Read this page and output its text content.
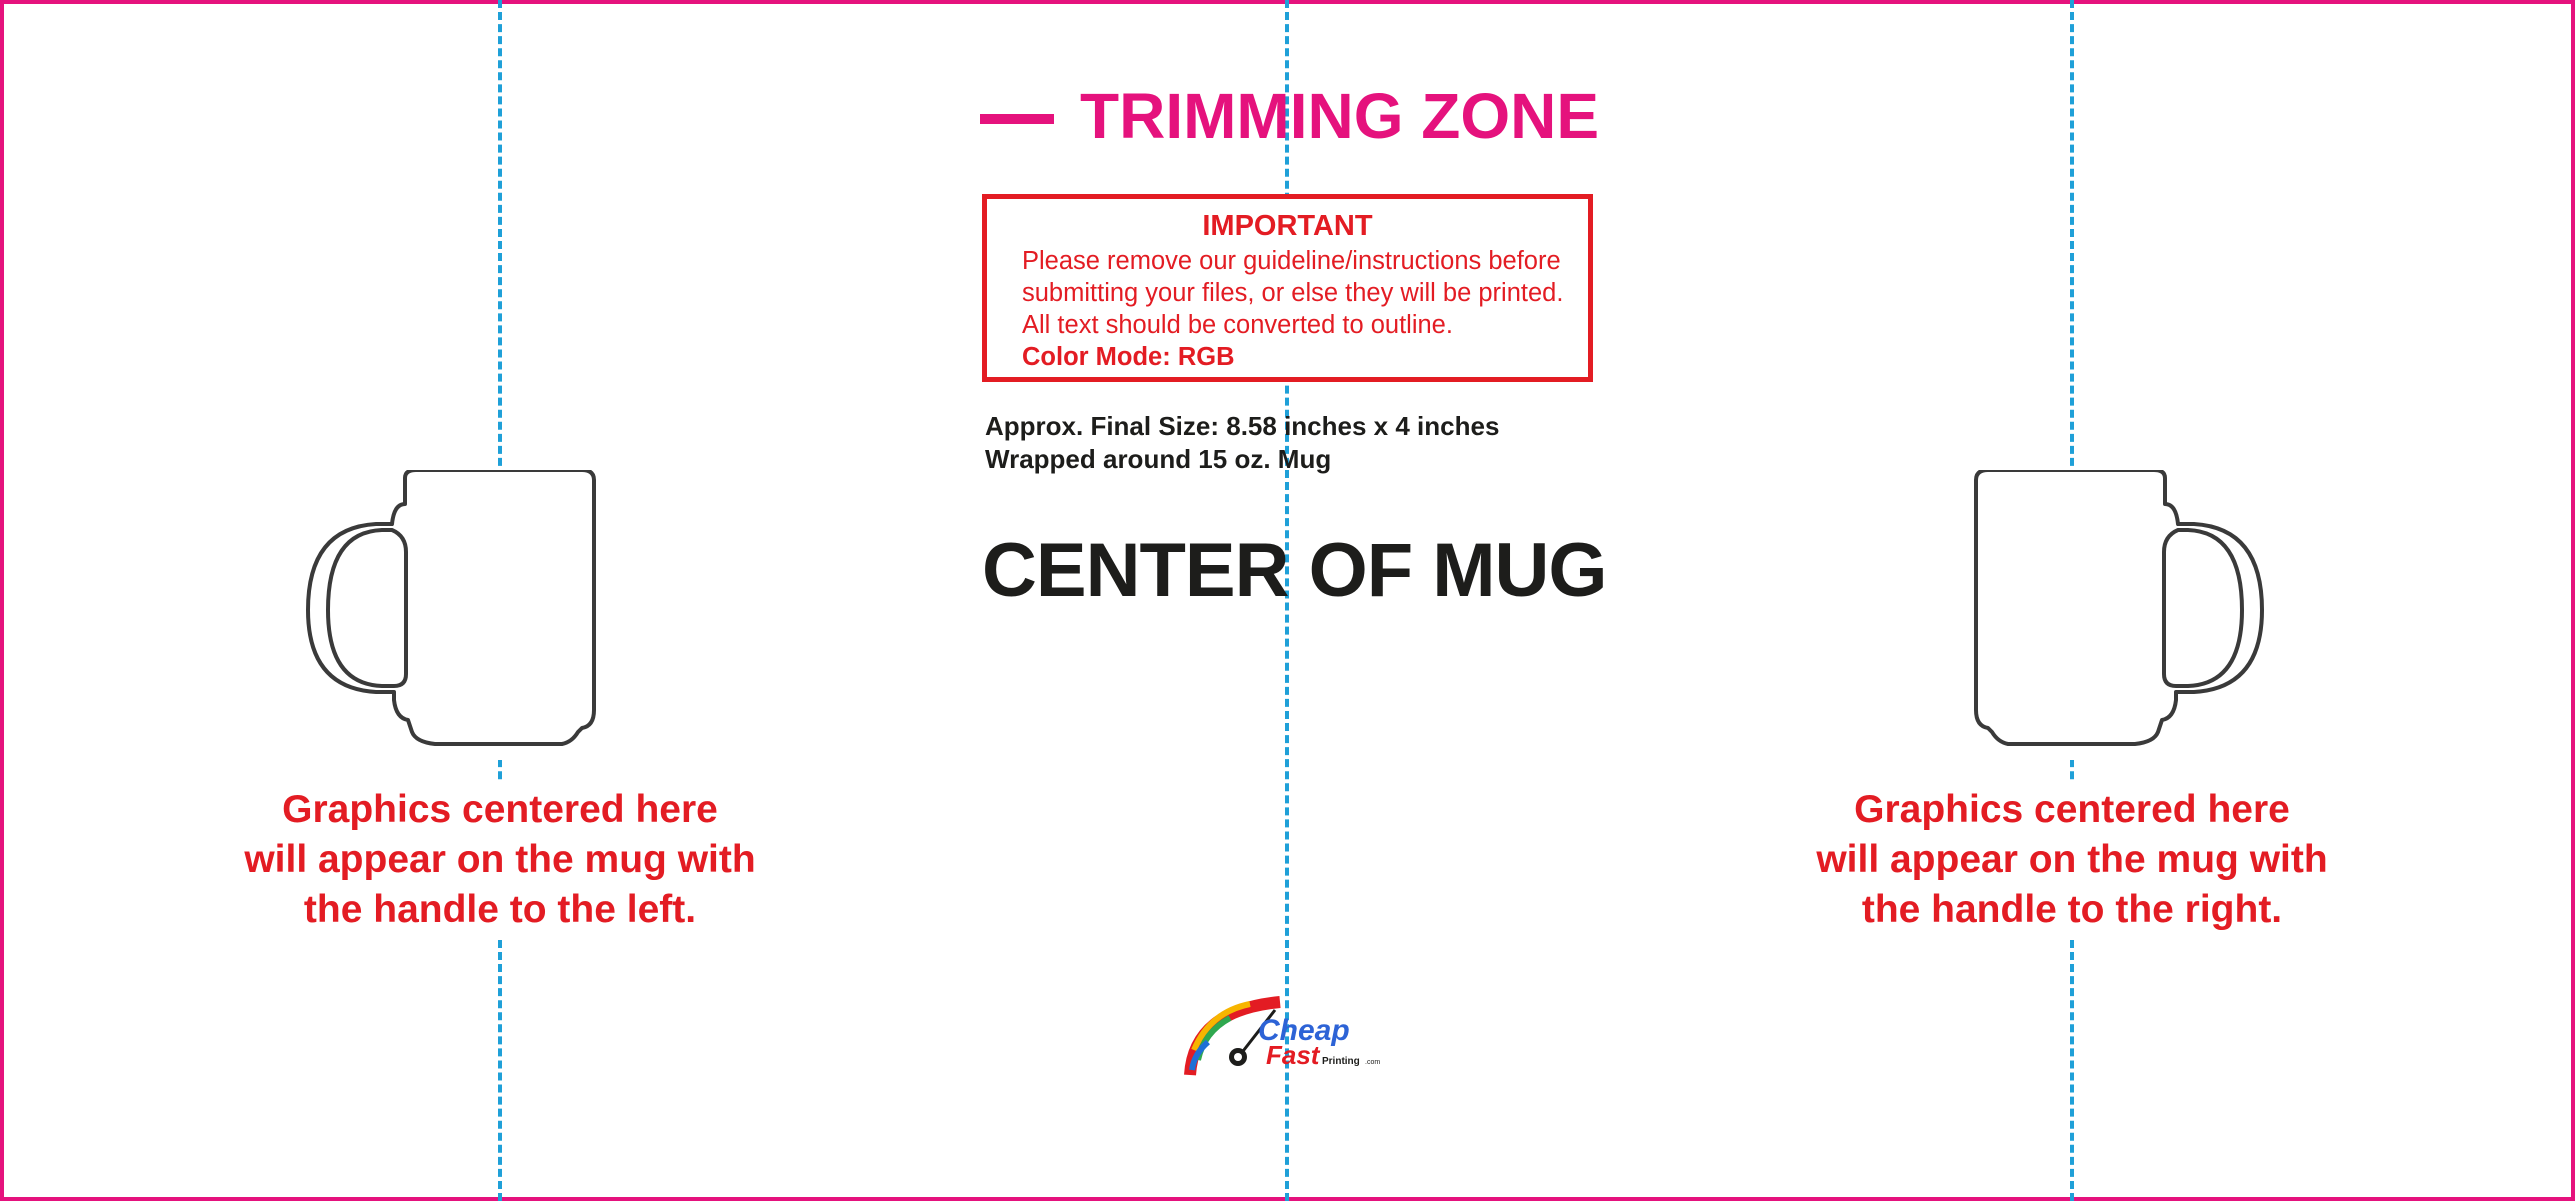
TRIMMING ZONE
IMPORTANT
Please remove our guideline/instructions before
submitting your files, or else they will be printed.
All text should be converted to outline.
Color Mode: RGB
Approx. Final Size: 8.58 inches x 4 inches
Wrapped around 15 oz. Mug
CENTER OF MUG
Graphics centered here
will appear on the mug with
the handle to the left.
Graphics centered here
will appear on the mug with
the handle to the right.
Cheap
Fast Printing .com
